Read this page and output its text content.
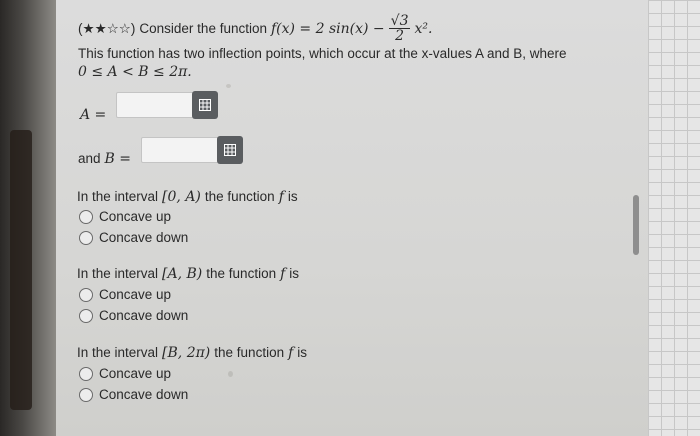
(★★☆☆) Consider the function f(x) = 2 $\sin(x) - \frac{√3}{2} x^2$.
This function has two inflection points, which occur at the x-values A and B, where
0 ≤ A < B ≤ 2π.
A =
and B =
In the interval [0, A) the function f is
Concave up
Concave down
In the interval [A, B) the function f is
Concave up
Concave down
In the interval [B, 2π) the function f is
Concave up
Concave down
